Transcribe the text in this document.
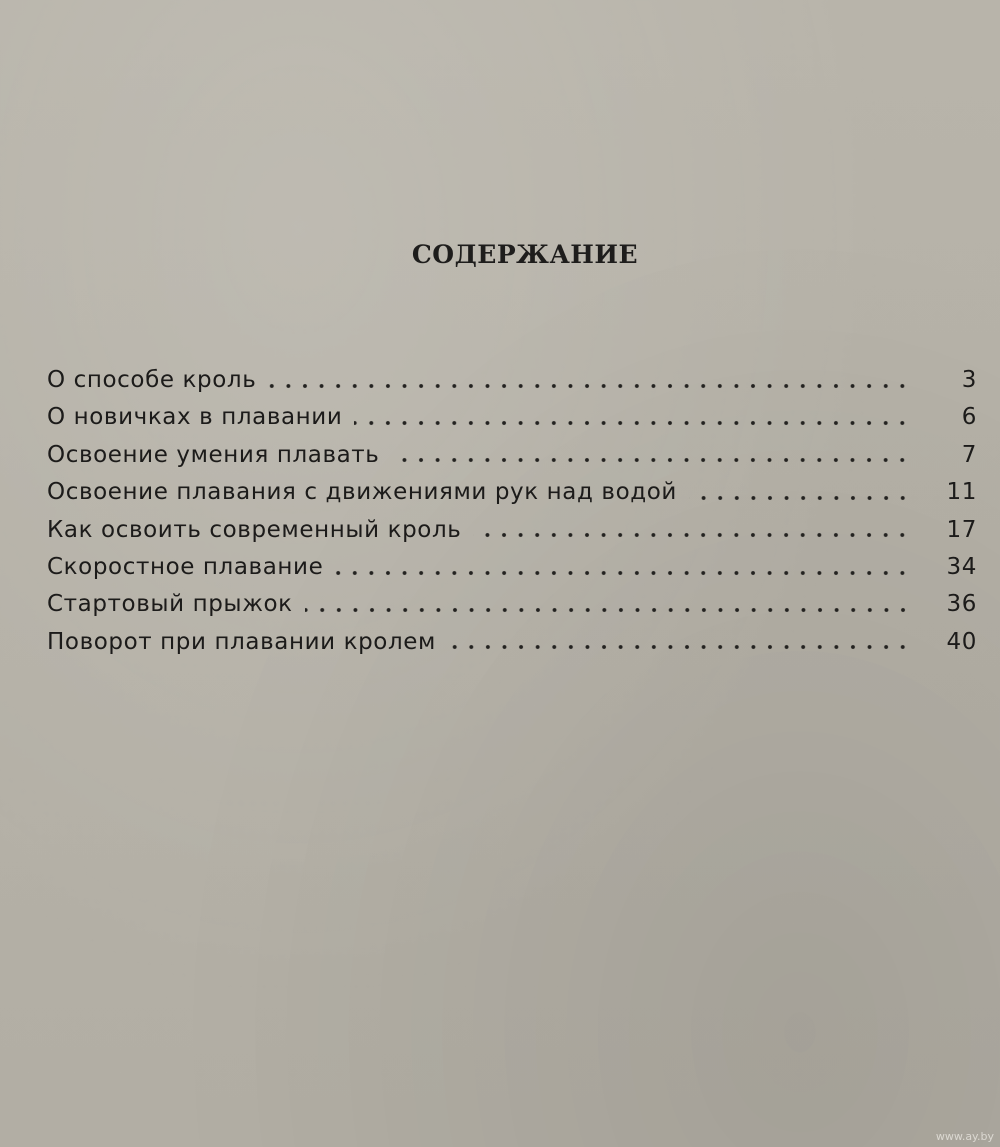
СОДЕРЖАНИЕ
О способе кроль	3
О новичках в плавании	6
Освоение умения плавать	7
Освоение плавания с движениями рук над водой	11
Как освоить современный кроль	17
Скоростное плавание	34
Стартовый прыжок	36
Поворот при плавании кролем	40
www.ay.by
